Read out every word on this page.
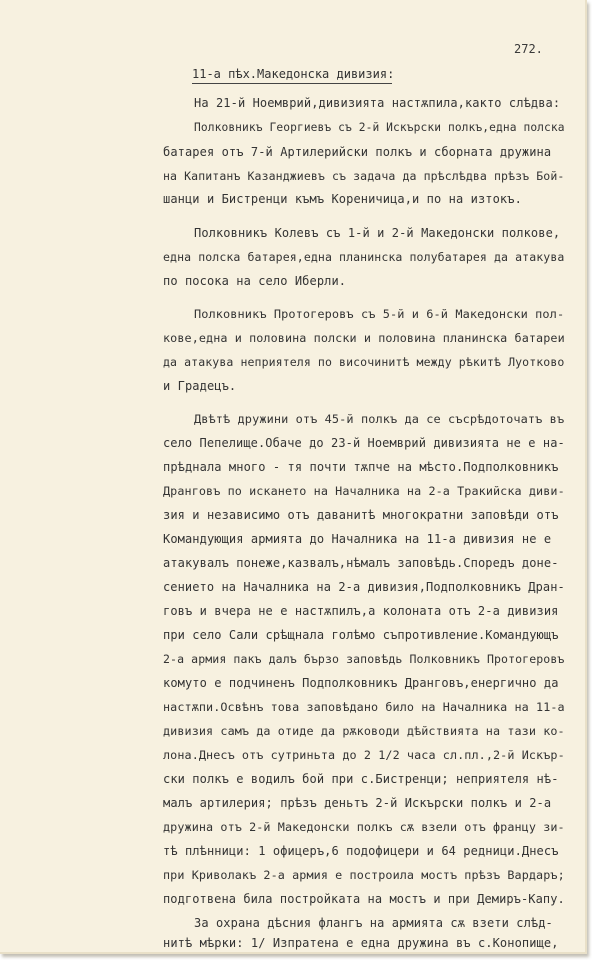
272.
11-а пѣх.Македонска дивизия:
На 21-й Ноемврий,дивизията настѫпила,както слѣдва:
Полковникъ Георгиевъ съ 2-й Искърски полкъ,една полска
батарея отъ 7-й Артилерийски полкъ и сборната дружина
на Капитанъ Казанджиевъ съ задача да прѣслѣдва прѣзъ Бой-
шанци и Бистренци къмъ Кореничица,и по на изтокъ.
Полковникъ Колевъ съ 1-й и 2-й Македонски полкове,
една полска батарея,една планинска полубатарея да атакува
по посока на село Иберли.
Полковникъ Протогеровъ съ 5-й и 6-й Македонски пол-
кове,една и половина полски и половина планинска батареи
да атакува неприятеля по височинитѣ между рѣкитѣ Луотково
и Градецъ.
Двѣтѣ дружини отъ 45-й полкъ да се съсрѣдоточатъ въ
село Пепелище.Обаче до 23-й Ноемврий дивизията не е на-
прѣднала много - тя почти тѫпче на мѣсто.Подполковникъ
Дранговъ по искането на Началника на 2-а Тракийска диви-
зия и независимо отъ даванитѣ многократни заповѣди отъ
Командующия армията до Началника на 11-а дивизия не е
атакувалъ понеже,казвалъ,нѣмалъ заповѣдь.Споредъ доне-
сението на Началника на 2-а дивизия,Подполковникъ Дран-
говъ и вчера не е настѫпилъ,а колоната отъ 2-а дивизия
при село Сали срѣщнала голѣмо съпротивление.Командующъ
2-а армия пакъ далъ бързо заповѣдь Полковникъ Протогеровъ
комуто е подчиненъ Подполковникъ Дранговъ,енергично да
настѫпи.Освѣнъ това заповѣдано било на Началника на 11-а
дивизия самъ да отиде да рѫководи дѣйствията на тази ко-
лона.Днесъ отъ сутриньта до 2 1/2 часа сл.пл.,2-й Искър-
ски полкъ е водилъ бой при с.Бистренци; неприятеля нѣ-
малъ артилерия; прѣзъ деньтъ 2-й Искърски полкъ и 2-а
дружина отъ 2-й Македонски полкъ сѫ взели отъ францу зи-
тѣ плѣнници: 1 офицеръ,6 подофицери и 64 редници.Днесъ
при Криволакъ 2-а армия е построила мостъ прѣзъ Вардаръ;
подготвена била постройката на мостъ и при Демиръ-Капу.
За охрана дѣсния флангъ на армията сѫ взети слѣд-
нитѣ мѣрки: 1/ Изпратена е една дружина въ с.Конопище,
